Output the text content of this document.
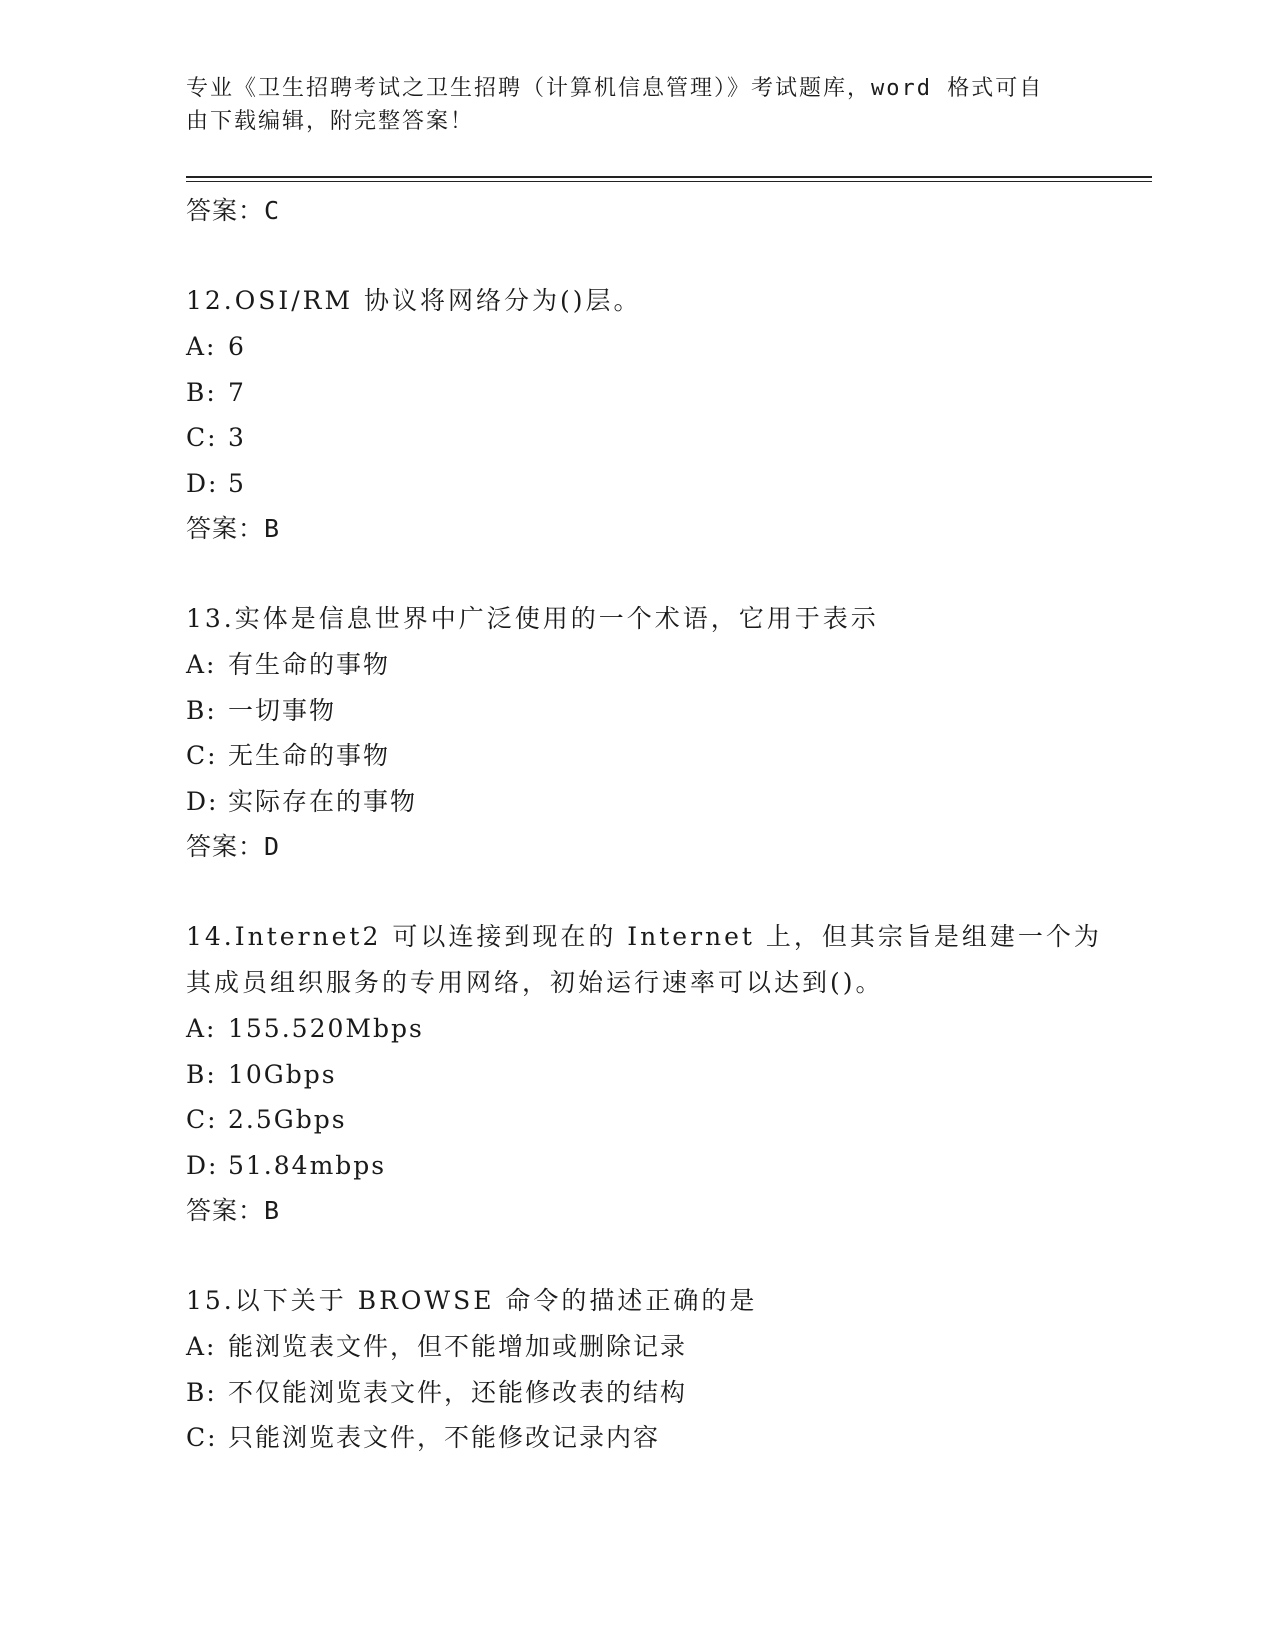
专业《卫生招聘考试之卫生招聘（计算机信息管理）》考试题库，word 格式可自由下载编辑，附完整答案！
答案：C
12.OSI/RM 协议将网络分为()层。
A: 6
B: 7
C: 3
D: 5
答案：B
13.实体是信息世界中广泛使用的一个术语，它用于表示
A: 有生命的事物
B: 一切事物
C: 无生命的事物
D: 实际存在的事物
答案：D
14.Internet2 可以连接到现在的 Internet 上，但其宗旨是组建一个为其成员组织服务的专用网络，初始运行速率可以达到()。
A: 155.520Mbps
B: 10Gbps
C: 2.5Gbps
D: 51.84mbps
答案：B
15.以下关于 BROWSE 命令的描述正确的是
A: 能浏览表文件，但不能增加或删除记录
B: 不仅能浏览表文件，还能修改表的结构
C: 只能浏览表文件，不能修改记录内容
